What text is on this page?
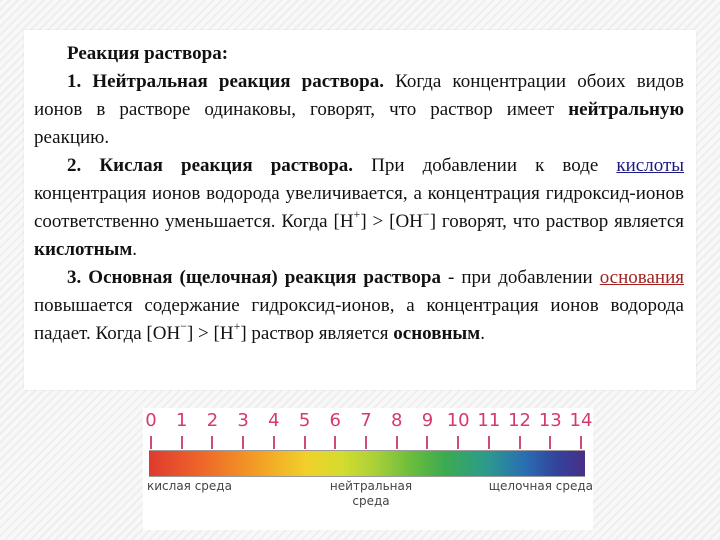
Реакция раствора:

1. Нейтральная реакция раствора. Когда концентрации обоих видов ионов в растворе одинаковы, говорят, что раствор имеет нейтральную реакцию.

2. Кислая реакция раствора. При добавлении к воде кислоты концентрация ионов водорода увеличивается, а концентрация гидроксид-ионов соответственно уменьшается. Когда [H+] > [OH−] говорят, что раствор является кислотным.

3. Основная (щелочная) реакция раствора - при добавлении основания повышается содержание гидроксид-ионов, а концентрация ионов водорода падает. Когда [OH−] > [H+] раствор является основным.

0	1	2	3	4	5	6	7	8	9 10 11 12 13 14
кислая среда	нейтральная среда
щелочная среда
